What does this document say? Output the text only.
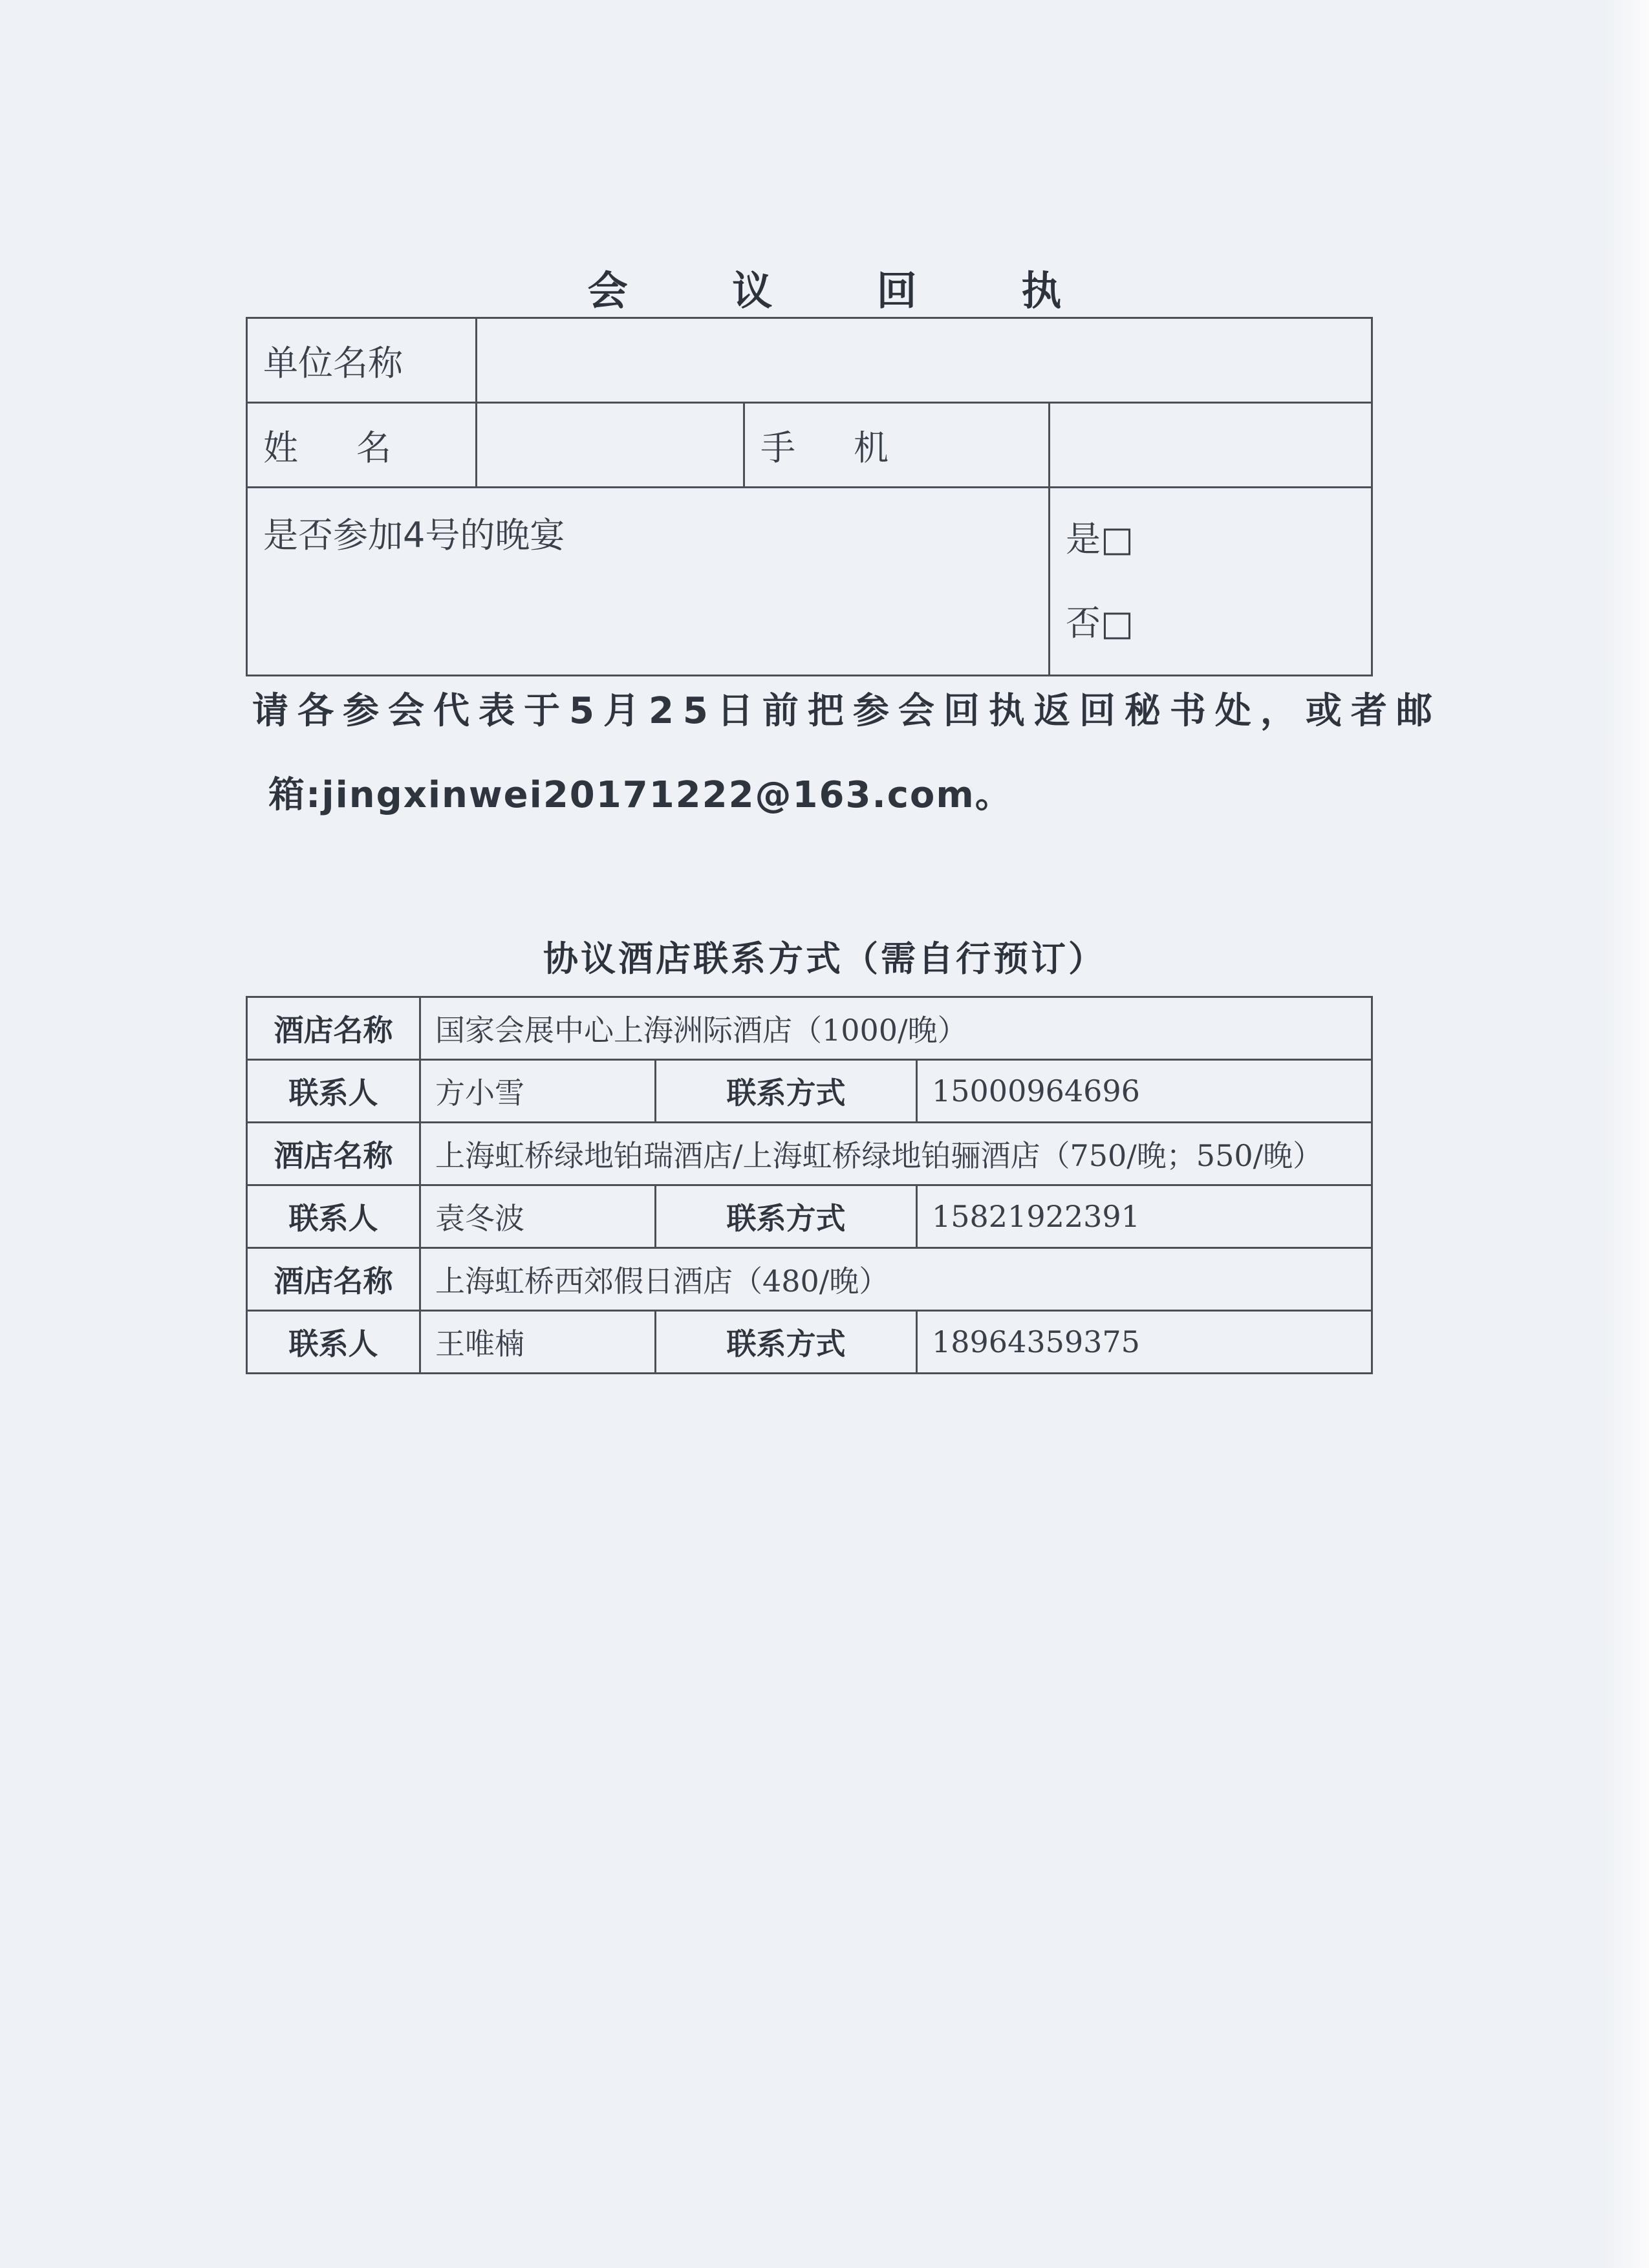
会 议 回 执
单位名称			
姓名		手机	
是否参加4号的晚宴			是□
否□
请各参会代表于5月25日前把参会回执返回秘书处，或者邮
箱:jingxinwei20171222@163.com。
协议酒店联系方式（需自行预订）
酒店名称	国家会展中心上海洲际酒店（1000/晚）		
联系人	方小雪	联系方式	15000964696
酒店名称	上海虹桥绿地铂瑞酒店/上海虹桥绿地铂骊酒店（750/晚；550/晚）		
联系人	袁冬波	联系方式	15821922391
酒店名称	上海虹桥西郊假日酒店（480/晚）		
联系人	王唯楠	联系方式	18964359375
